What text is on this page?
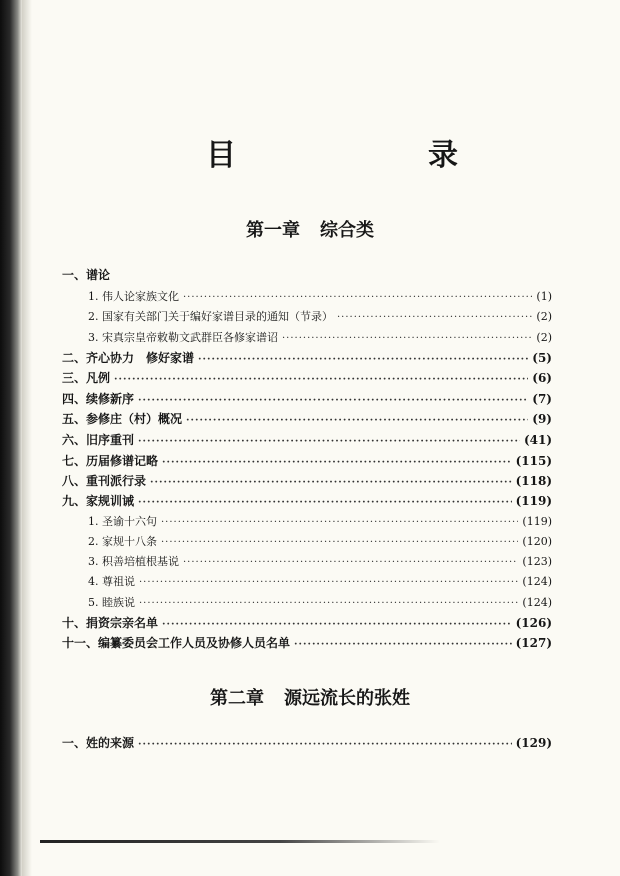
目　　录
第一章 综合类
一、谱论
1. 伟人论家族文化 ·····	(1)
2. 国家有关部门关于编好家谱目录的通知（节录） ·····	(2)
3. 宋真宗皇帝敕勒文武群臣各修家谱诏 ·····	(2)
二、齐心协力　修好家谱 ·····	(5)
三、凡例 ·····	(6)
四、续修新序 ·····	(7)
五、参修庄（村）概况 ·····	(9)
六、旧序重刊 ·····	(41)
七、历届修谱记略 ·····	(115)
八、重刊派行录 ·····	(118)
九、家规训诫 ·····	(119)
1. 圣谕十六句 ·····	(119)
2. 家规十八条 ·····	(120)
3. 积善培植根基说 ·····	(123)
4. 尊祖说 ·····	(124)
5. 睦族说 ·····	(124)
十、捐资宗亲名单 ·····	(126)
十一、编纂委员会工作人员及协修人员名单 ·····	(127)
第二章 源远流长的张姓
一、姓的来源 ·····	(129)
